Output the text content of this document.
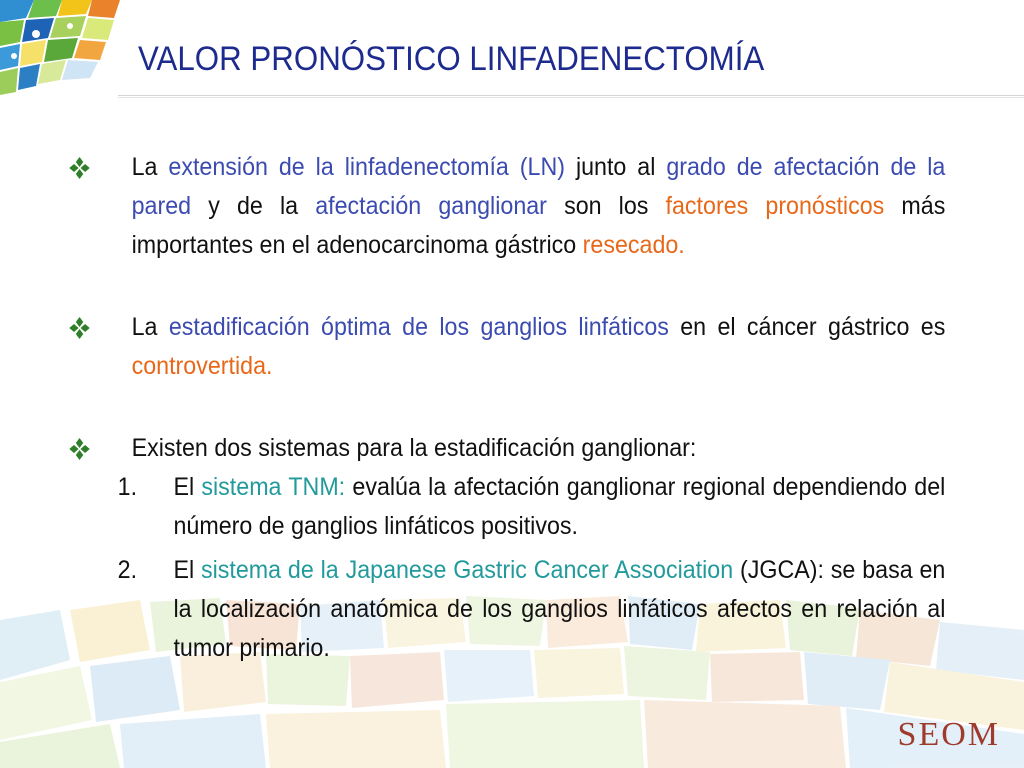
VALOR PRONÓSTICO LINFADENECTOMÍA

La extensión de la linfadenectomía (LN) junto al grado de afectación de la pared y de la afectación ganglionar son los factores pronósticos más importantes en el adenocarcinoma gástrico resecado.

La estadificación óptima de los ganglios linfáticos en el cáncer gástrico es controvertida.

Existen dos sistemas para la estadificación ganglionar:

1. El sistema TNM: evalúa la afectación ganglionar regional dependiendo del número de ganglios linfáticos positivos.

2. El sistema de la Japanese Gastric Cancer Association (JGCA): se basa en la localización anatómica de los ganglios linfáticos afectos en relación al tumor primario.

SEOM
